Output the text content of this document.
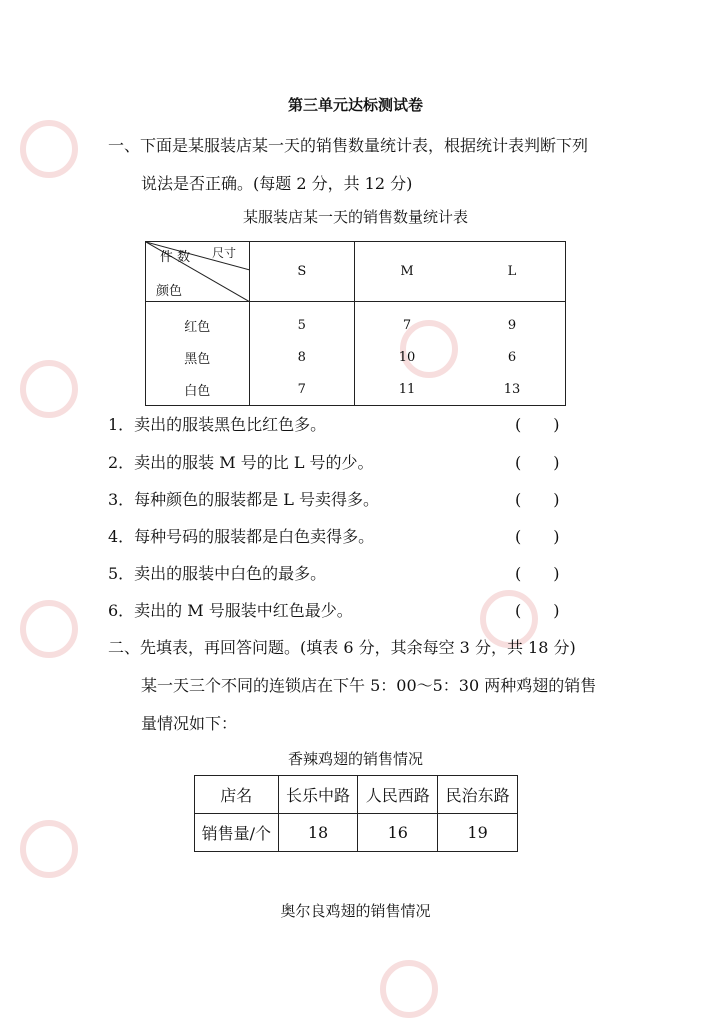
第三单元达标测试卷
一、下面是某服装店某一天的销售数量统计表，根据统计表判断下列
说法是否正确。(每题 2 分，共 12 分)
某服装店某一天的销售数量统计表
件 数 尺寸
颜色	S	M L

红色	5	7 9

黑色	8	10 6

白色	7	11 13
1．卖出的服装黑色比红色多。	(　　)
2．卖出的服装 M 号的比 L 号的少。	(　　)
3．每种颜色的服装都是 L 号卖得多。	(　　)
4．每种号码的服装都是白色卖得多。	(　　)
5．卖出的服装中白色的最多。	(　　)
6．卖出的 M 号服装中红色最少。	(　　)
二、先填表，再回答问题。(填表 6 分，其余每空 3 分，共 18 分)
某一天三个不同的连锁店在下午 5：00～5：30 两种鸡翅的销售
量情况如下：
香辣鸡翅的销售情况
店名	长乐中路	人民西路	民治东路
销售量/个	18	16	19
奥尔良鸡翅的销售情况
